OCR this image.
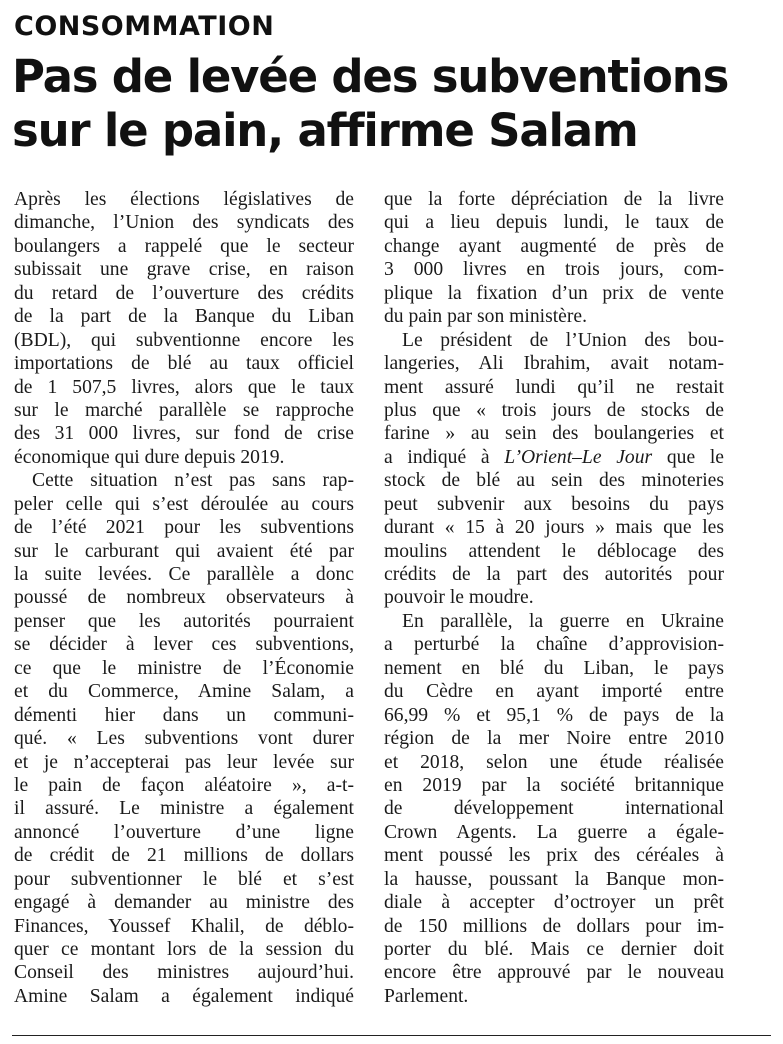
CONSOMMATION
Pas de levée des subventions
sur le pain, affirme Salam
Après les élections législatives de
dimanche, l’Union des syndicats des
boulangers a rappelé que le secteur
subissait une grave crise, en raison
du retard de l’ouverture des crédits
de la part de la Banque du Liban
(BDL), qui subventionne encore les
importations de blé au taux officiel
de 1 507,5 livres, alors que le taux
sur le marché parallèle se rapproche
des 31 000 livres, sur fond de crise
économique qui dure depuis 2019.
Cette situation n’est pas sans rap-
peler celle qui s’est déroulée au cours
de l’été 2021 pour les subventions
sur le carburant qui avaient été par
la suite levées. Ce parallèle a donc
poussé de nombreux observateurs à
penser que les autorités pourraient
se décider à lever ces subventions,
ce que le ministre de l’Économie
et du Commerce, Amine Salam, a
démenti hier dans un communi-
qué. « Les subventions vont durer
et je n’accepterai pas leur levée sur
le pain de façon aléatoire », a-t-
il assuré. Le ministre a également
annoncé l’ouverture d’une ligne
de crédit de 21 millions de dollars
pour subventionner le blé et s’est
engagé à demander au ministre des
Finances, Youssef Khalil, de déblo-
quer ce montant lors de la session du
Conseil des ministres aujourd’hui.
Amine Salam a également indiqué
que la forte dépréciation de la livre
qui a lieu depuis lundi, le taux de
change ayant augmenté de près de
3 000 livres en trois jours, com-
plique la fixation d’un prix de vente
du pain par son ministère.
Le président de l’Union des bou-
langeries, Ali Ibrahim, avait notam-
ment assuré lundi qu’il ne restait
plus que « trois jours de stocks de
farine » au sein des boulangeries et
a indiqué à L’Orient–Le Jour que le
stock de blé au sein des minoteries
peut subvenir aux besoins du pays
durant « 15 à 20 jours » mais que les
moulins attendent le déblocage des
crédits de la part des autorités pour
pouvoir le moudre.
En parallèle, la guerre en Ukraine
a perturbé la chaîne d’approvision-
nement en blé du Liban, le pays
du Cèdre en ayant importé entre
66,99 % et 95,1 % de pays de la
région de la mer Noire entre 2010
et 2018, selon une étude réalisée
en 2019 par la société britannique
de développement international
Crown Agents. La guerre a égale-
ment poussé les prix des céréales à
la hausse, poussant la Banque mon-
diale à accepter d’octroyer un prêt
de 150 millions de dollars pour im-
porter du blé. Mais ce dernier doit
encore être approuvé par le nouveau
Parlement.
